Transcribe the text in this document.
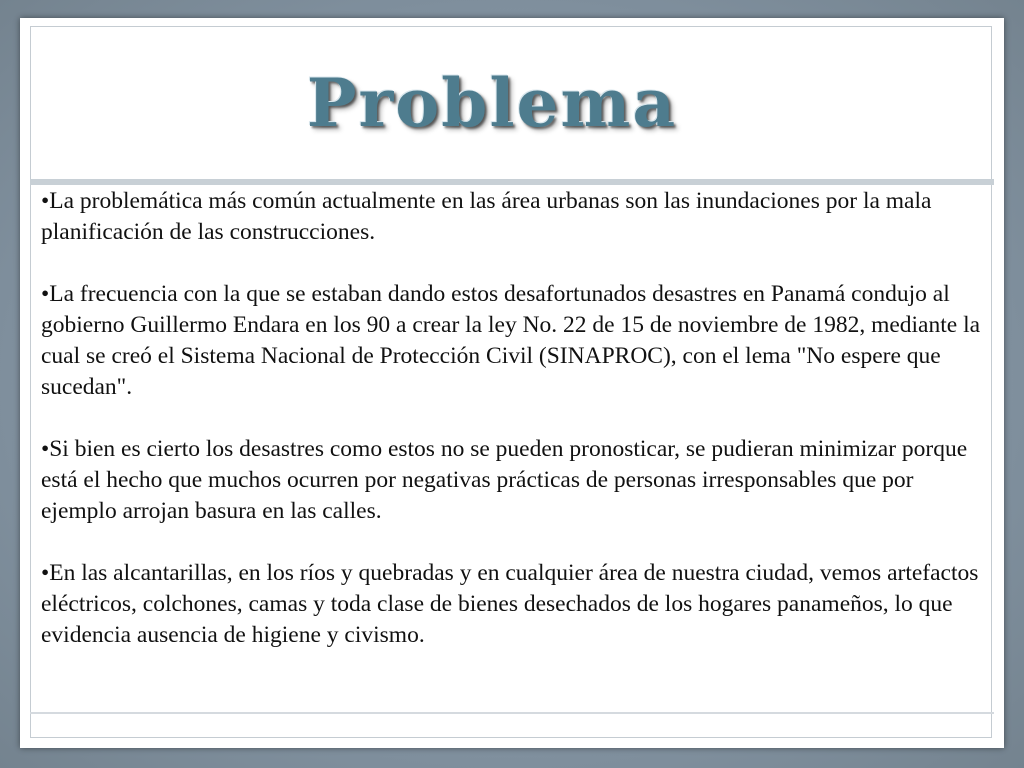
Problema

•La problemática más común actualmente en las área urbanas son las inundaciones por la mala planificación de las construcciones.

•La frecuencia con la que se estaban dando estos desafortunados desastres en Panamá condujo al gobierno Guillermo Endara en los 90 a crear la ley No. 22 de 15 de noviembre de 1982, mediante la cual se creó el Sistema Nacional de Protección Civil (SINAPROC), con el lema "No espere que sucedan".

•Si bien es cierto los desastres como estos no se pueden pronosticar, se pudieran minimizar porque está el hecho que muchos ocurren por negativas prácticas de personas irresponsables que por ejemplo arrojan basura en las calles.

•En las alcantarillas, en los ríos y quebradas y en cualquier área de nuestra ciudad, vemos artefactos eléctricos, colchones, camas y toda clase de bienes desechados de los hogares panameños, lo que evidencia ausencia de higiene y civismo.
